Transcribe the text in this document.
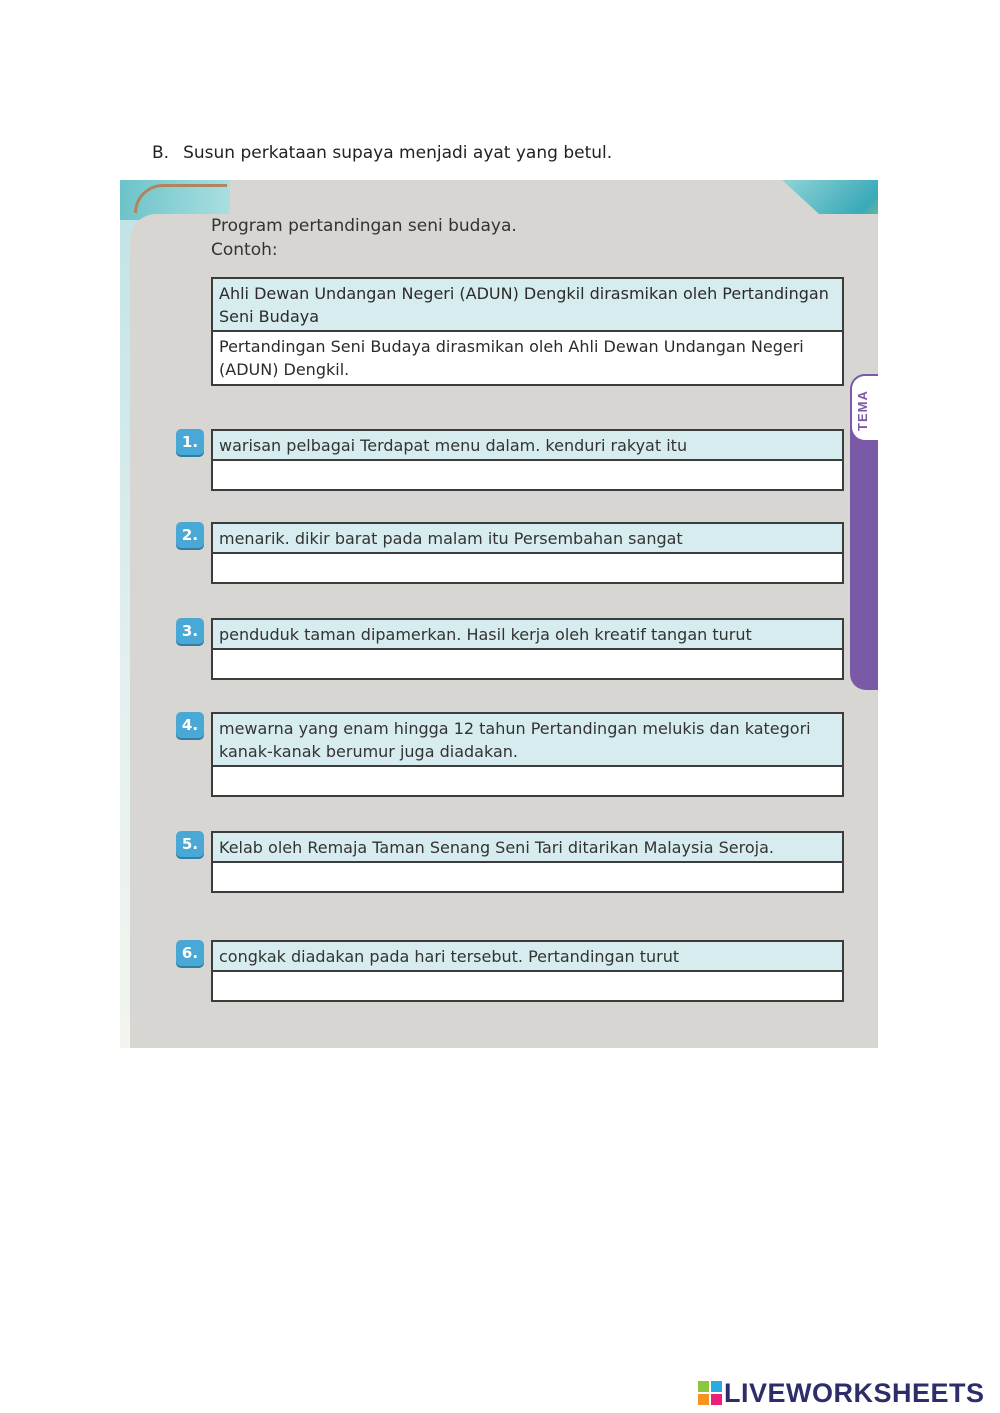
B. Susun perkataan supaya menjadi ayat yang betul.
TEMA
Program pertandingan seni budaya.
Contoh:
Ahli Dewan Undangan Negeri (ADUN) Dengkil dirasmikan oleh Pertandingan Seni Budaya
Pertandingan Seni Budaya dirasmikan oleh Ahli Dewan Undangan Negeri (ADUN) Dengkil.
1.	warisan pelbagai Terdapat menu dalam. kenduri rakyat itu
2.	menarik. dikir barat pada malam itu Persembahan sangat
3.	penduduk taman dipamerkan. Hasil kerja oleh kreatif tangan turut
4.	mewarna yang enam hingga 12 tahun Pertandingan melukis dan kategori kanak-kanak berumur juga diadakan.
5.	Kelab oleh Remaja Taman Senang Seni Tari ditarikan Malaysia Seroja.
6.	congkak diadakan pada hari tersebut. Pertandingan turut
LIVEWORKSHEETS
